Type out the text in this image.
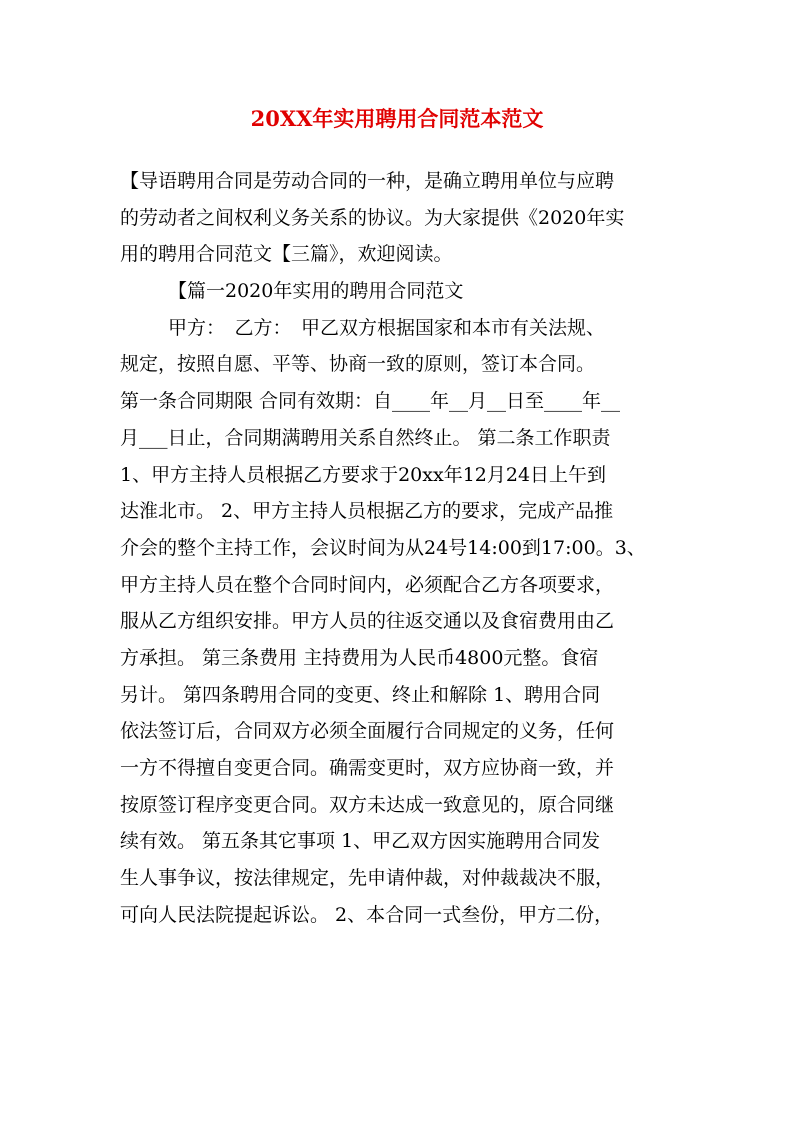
20XX年实用聘用合同范本范文
【导语聘用合同是劳动合同的一种，是确立聘用单位与应聘
的劳动者之间权利义务关系的协议。为大家提供《2020年实
用的聘用合同范文【三篇》，欢迎阅读。
【篇一2020年实用的聘用合同范文
甲方：　乙方：　甲乙双方根据国家和本市有关法规、
规定，按照自愿、平等、协商一致的原则，签订本合同。
第一条合同期限 合同有效期：自____年__月__日至____年__
月___日止，合同期满聘用关系自然终止。 第二条工作职责
1、甲方主持人员根据乙方要求于20xx年12月24日上午到
达淮北市。 2、甲方主持人员根据乙方的要求，完成产品推
介会的整个主持工作，会议时间为从24号14:00到17:00。3、
甲方主持人员在整个合同时间内，必须配合乙方各项要求，
服从乙方组织安排。甲方人员的往返交通以及食宿费用由乙
方承担。 第三条费用 主持费用为人民币4800元整。食宿
另计。 第四条聘用合同的变更、终止和解除 1、聘用合同
依法签订后，合同双方必须全面履行合同规定的义务，任何
一方不得擅自变更合同。确需变更时，双方应协商一致，并
按原签订程序变更合同。双方未达成一致意见的，原合同继
续有效。 第五条其它事项 1、甲乙双方因实施聘用合同发
生人事争议，按法律规定，先申请仲裁，对仲裁裁决不服，
可向人民法院提起诉讼。 2、本合同一式叁份，甲方二份，
